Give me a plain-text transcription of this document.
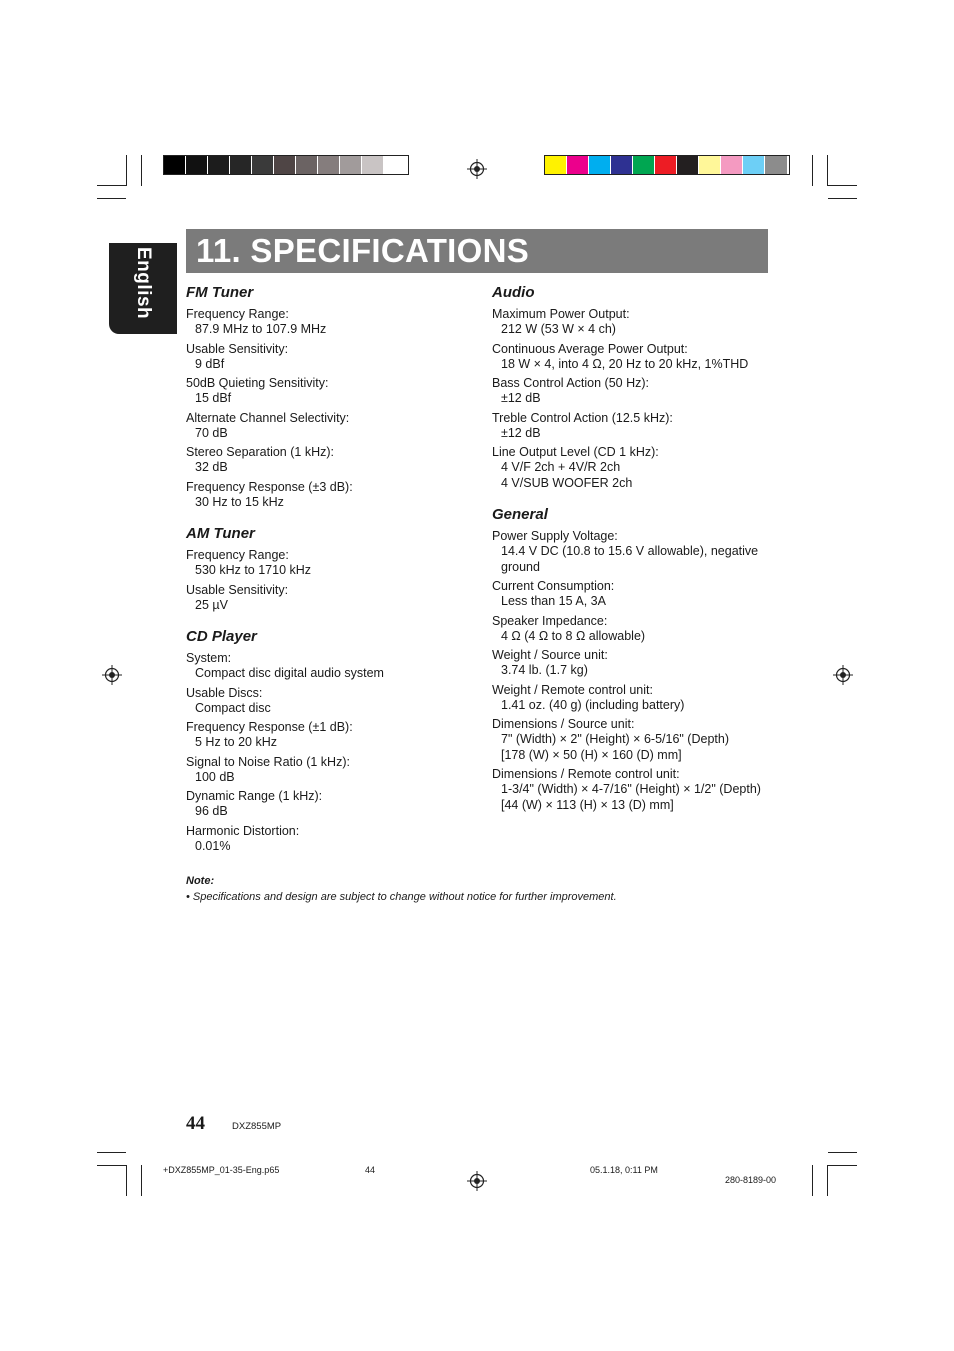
English 11. SPECIFICATIONS
FM Tuner
Frequency Range:
87.9 MHz to 107.9 MHz
Usable Sensitivity:
9 dBf
50dB Quieting Sensitivity:
15 dBf
Alternate Channel Selectivity:
70 dB
Stereo Separation (1 kHz):
32 dB
Frequency Response (±3 dB):
30 Hz to 15 kHz
AM Tuner
Frequency Range:
530 kHz to 1710 kHz
Usable Sensitivity:
25 µV
CD Player
System:
Compact disc digital audio system
Usable Discs:
Compact disc
Frequency Response (±1 dB):
5 Hz to 20 kHz
Signal to Noise Ratio (1 kHz):
100 dB
Dynamic Range (1 kHz):
96 dB
Harmonic Distortion:
0.01%
Audio
Maximum Power Output:
212 W (53 W × 4 ch)
Continuous Average Power Output:
18 W × 4, into 4 Ω, 20 Hz to 20 kHz, 1%THD
Bass Control Action (50 Hz):
±12 dB
Treble Control Action (12.5 kHz):
±12 dB
Line Output Level (CD 1 kHz):
4 V/F 2ch + 4V/R 2ch
4 V/SUB WOOFER 2ch
General
Power Supply Voltage:
14.4 V DC (10.8 to 15.6 V allowable), negative
ground
Current Consumption:
Less than 15 A, 3A
Speaker Impedance:
4 Ω (4 Ω to 8 Ω allowable)
Weight / Source unit:
3.74 lb. (1.7 kg)
Weight / Remote control unit:
1.41 oz. (40 g) (including battery)
Dimensions / Source unit:
7" (Width) × 2" (Height) × 6-5/16" (Depth)
[178 (W) × 50 (H) × 160 (D) mm]
Dimensions / Remote control unit:
1-3/4" (Width) × 4-7/16" (Height) × 1/2" (Depth)
[44 (W) × 113 (H) × 13 (D) mm]
Note:
• Specifications and design are subject to change without notice for further improvement.
44	DXZ855MP
+DXZ855MP_01-35-Eng.p65	44	05.1.18, 0:11 PM
280-8189-00
